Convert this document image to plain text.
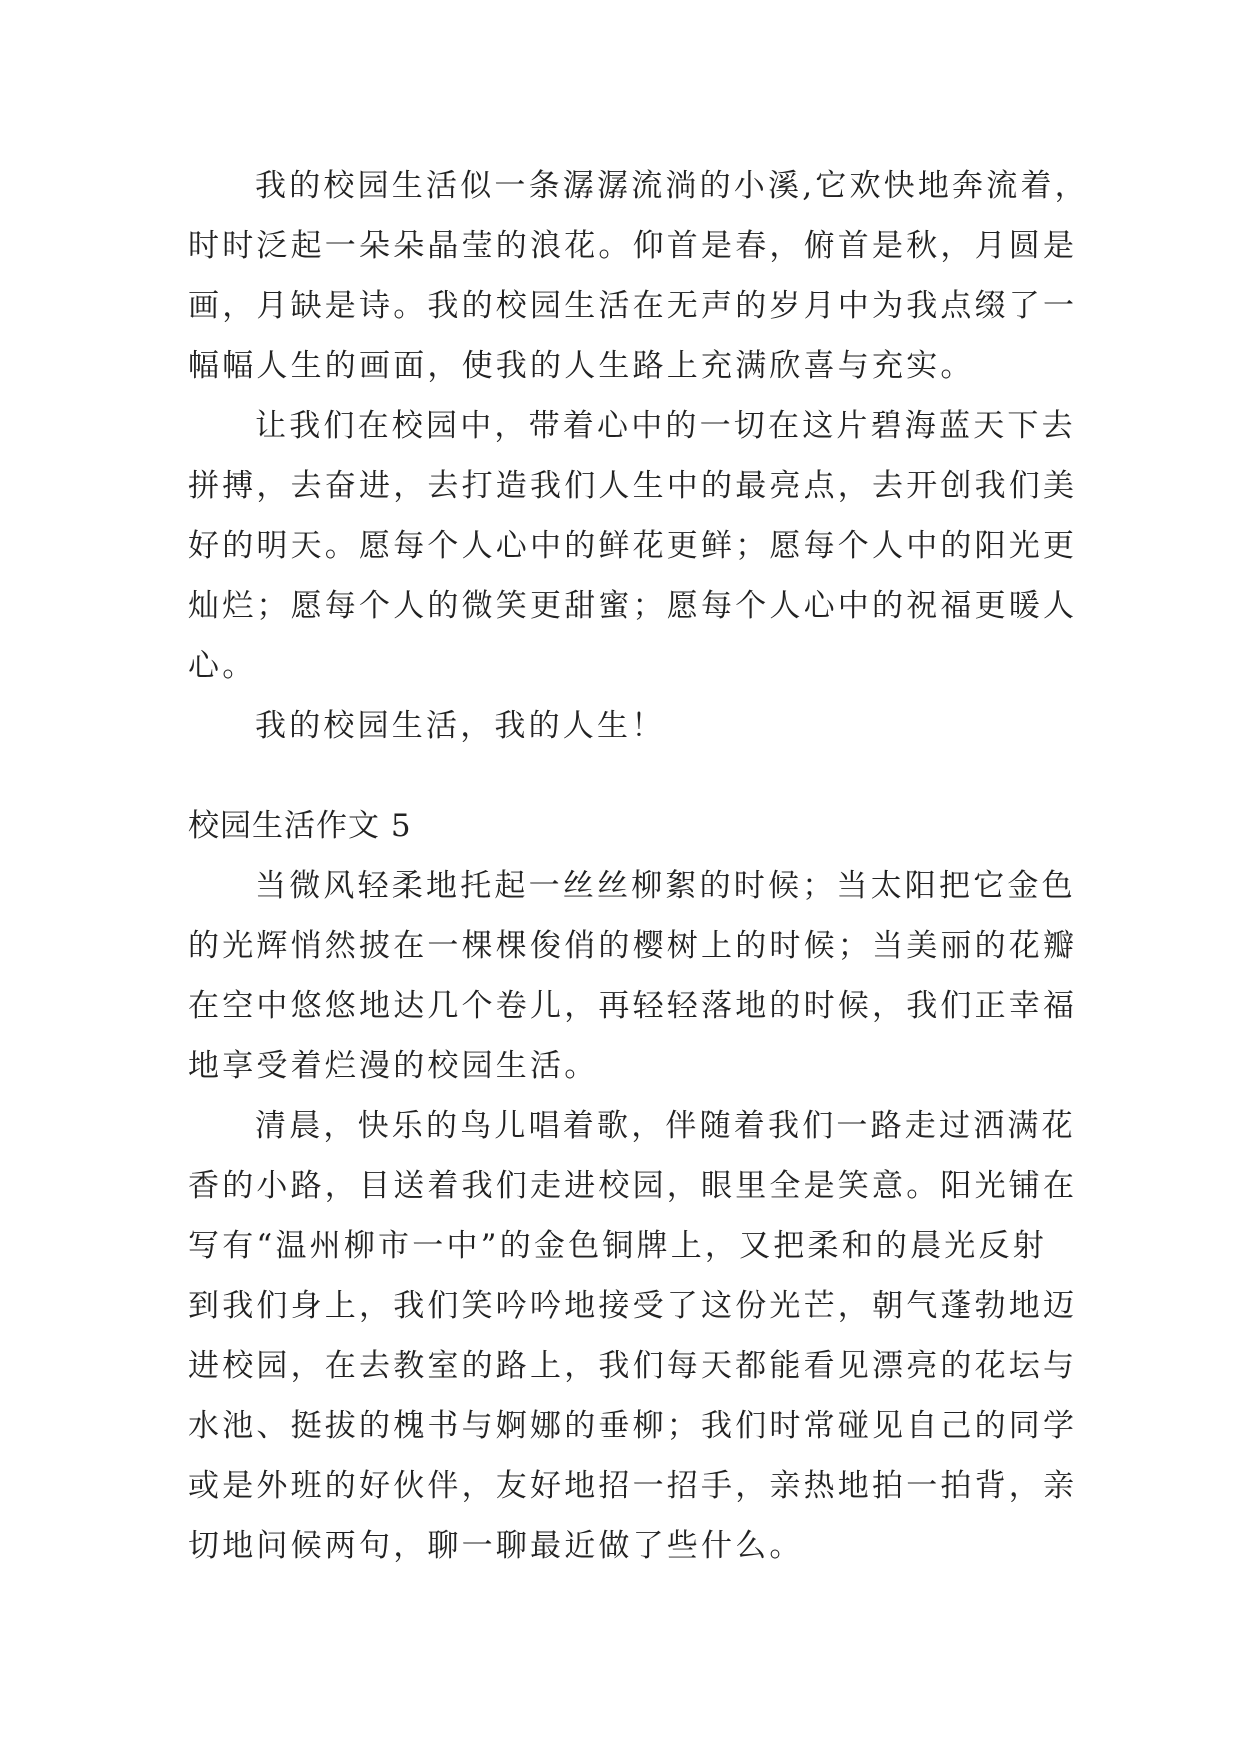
我的校园生活似一条潺潺流淌的小溪,它欢快地奔流着，
时时泛起一朵朵晶莹的浪花。仰首是春，俯首是秋，月圆是
画，月缺是诗。我的校园生活在无声的岁月中为我点缀了一
幅幅人生的画面，使我的人生路上充满欣喜与充实。
让我们在校园中，带着心中的一切在这片碧海蓝天下去
拼搏，去奋进，去打造我们人生中的最亮点，去开创我们美
好的明天。愿每个人心中的鲜花更鲜；愿每个人中的阳光更
灿烂；愿每个人的微笑更甜蜜；愿每个人心中的祝福更暖人
心。
我的校园生活，我的人生！
校园生活作文 5
当微风轻柔地托起一丝丝柳絮的时候；当太阳把它金色
的光辉悄然披在一棵棵俊俏的樱树上的时候；当美丽的花瓣
在空中悠悠地达几个卷儿，再轻轻落地的时候，我们正幸福
地享受着烂漫的校园生活。
清晨，快乐的鸟儿唱着歌，伴随着我们一路走过洒满花
香的小路，目送着我们走进校园，眼里全是笑意。阳光铺在
写有“温州柳市一中”的金色铜牌上，又把柔和的晨光反射
到我们身上，我们笑吟吟地接受了这份光芒，朝气蓬勃地迈
进校园，在去教室的路上，我们每天都能看见漂亮的花坛与
水池、挺拔的槐书与婀娜的垂柳；我们时常碰见自己的同学
或是外班的好伙伴，友好地招一招手，亲热地拍一拍背，亲
切地问候两句，聊一聊最近做了些什么。
